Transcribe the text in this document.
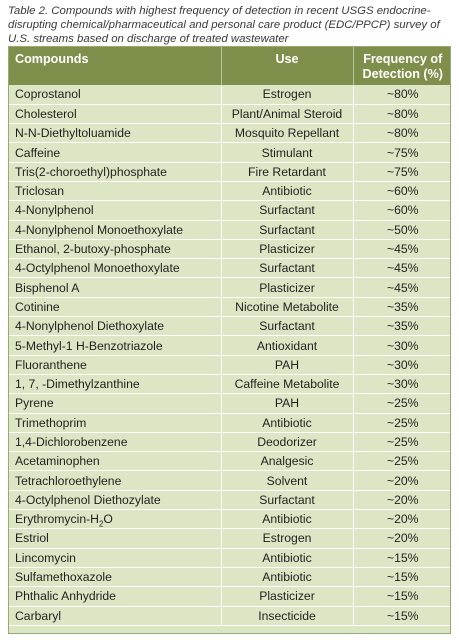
Table 2. Compounds with highest frequency of detection in recent USGS endocrine-disrupting chemical/pharmaceutical and personal care product (EDC/PPCP) survey of U.S. streams based on discharge of treated wastewater
Compounds	Use	Frequency of Detection (%)
Coprostanol	Estrogen	~80%
Cholesterol	Plant/Animal Steroid	~80%
N-N-Diethyltoluamide	Mosquito Repellant	~80%
Caffeine	Stimulant	~75%
Tris(2-choroethyl)phosphate	Fire Retardant	~75%
Triclosan	Antibiotic	~60%
4-Nonylphenol	Surfactant	~60%
4-Nonylphenol Monoethoxylate	Surfactant	~50%
Ethanol, 2-butoxy-phosphate	Plasticizer	~45%
4-Octylphenol Monoethoxylate	Surfactant	~45%
Bisphenol A	Plasticizer	~45%
Cotinine	Nicotine Metabolite	~35%
4-Nonylphenol Diethoxylate	Surfactant	~35%
5-Methyl-1 H-Benzotriazole	Antioxidant	~30%
Fluoranthene	PAH	~30%
1, 7, -Dimethylzanthine	Caffeine Metabolite	~30%
Pyrene	PAH	~25%
Trimethoprim	Antibiotic	~25%
1,4-Dichlorobenzene	Deodorizer	~25%
Acetaminophen	Analgesic	~25%
Tetrachloroethylene	Solvent	~20%
4-Octylphenol Diethozylate	Surfactant	~20%
Erythromycin-$H_2O$	Antibiotic	~20%
Estriol	Estrogen	~20%
Lincomycin	Antibiotic	~15%
Sulfamethoxazole	Antibiotic	~15%
Phthalic Anhydride	Plasticizer	~15%
Carbaryl	Insecticide	~15%
